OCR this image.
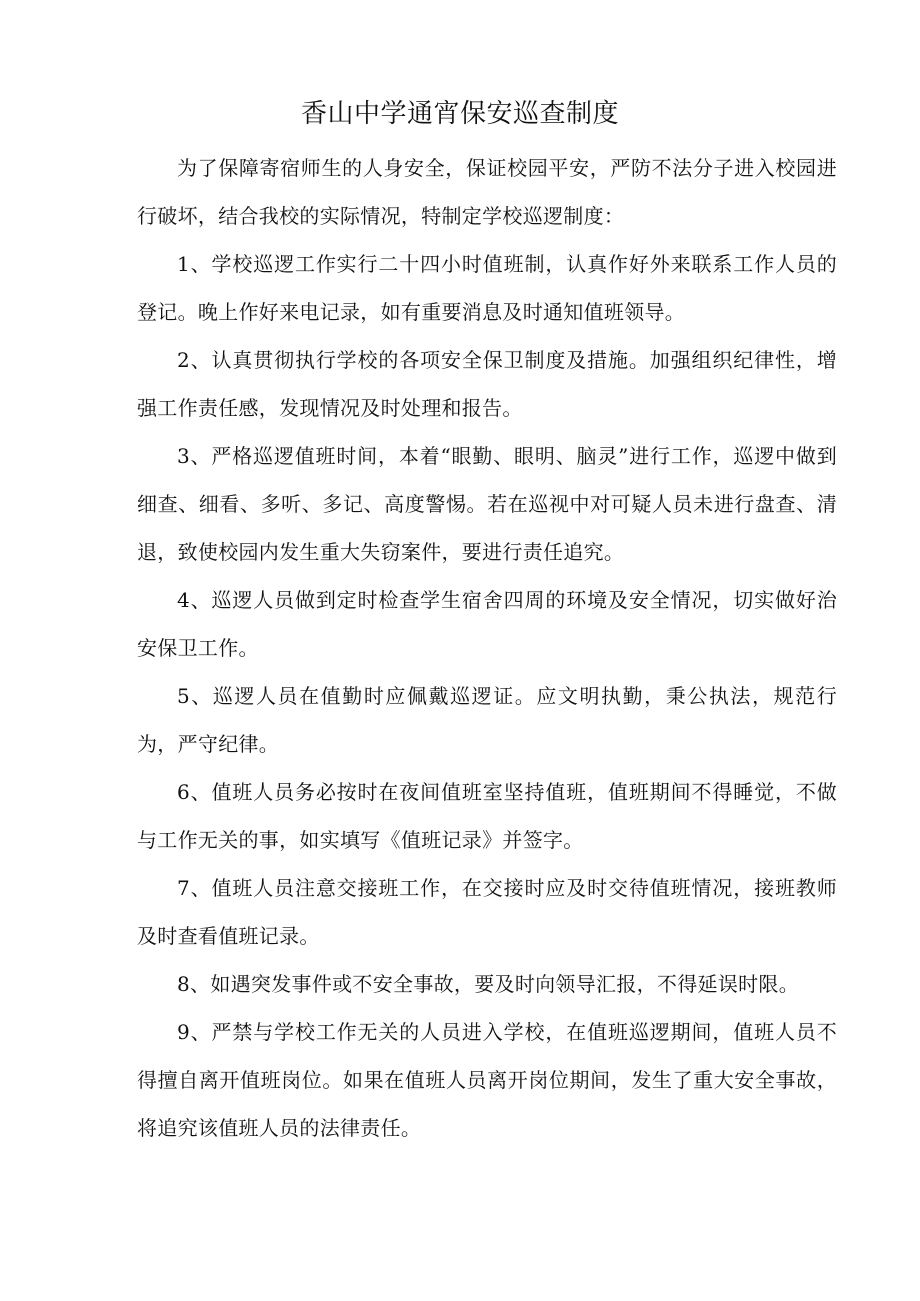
香山中学通宵保安巡查制度

为了保障寄宿师生的人身安全，保证校园平安，严防不法分子进入校园进行破坏，结合我校的实际情况，特制定学校巡逻制度：

1、学校巡逻工作实行二十四小时值班制，认真作好外来联系工作人员的登记。晚上作好来电记录，如有重要消息及时通知值班领导。

2、认真贯彻执行学校的各项安全保卫制度及措施。加强组织纪律性，增强工作责任感，发现情况及时处理和报告。

3、严格巡逻值班时间，本着“眼勤、眼明、脑灵”进行工作，巡逻中做到细查、细看、多听、多记、高度警惕。若在巡视中对可疑人员未进行盘查、清退，致使校园内发生重大失窃案件，要进行责任追究。

4、巡逻人员做到定时检查学生宿舍四周的环境及安全情况，切实做好治安保卫工作。

5、巡逻人员在值勤时应佩戴巡逻证。应文明执勤，秉公执法，规范行为，严守纪律。

6、值班人员务必按时在夜间值班室坚持值班，值班期间不得睡觉，不做与工作无关的事，如实填写《值班记录》并签字。

7、值班人员注意交接班工作，在交接时应及时交待值班情况，接班教师及时查看值班记录。

8、如遇突发事件或不安全事故，要及时向领导汇报，不得延误时限。

9、严禁与学校工作无关的人员进入学校，在值班巡逻期间，值班人员不得擅自离开值班岗位。如果在值班人员离开岗位期间，发生了重大安全事故，将追究该值班人员的法律责任。
